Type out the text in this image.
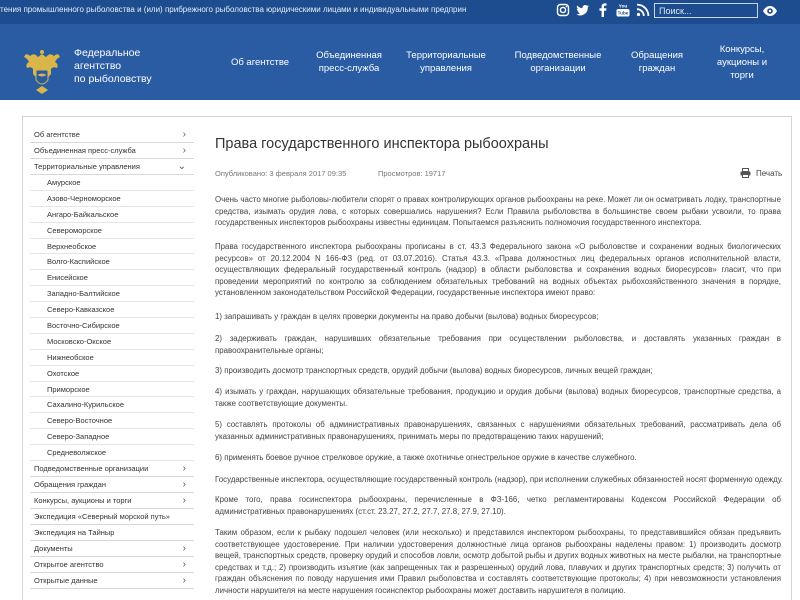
тения промышленного рыболовства и (или) прибрежного рыболовства юридическими лицами и индивидуальными предприн	You
Tube
Поиск...
Федеральное
агентство
по рыболовству
Об агентстве
Объединенная
пресс-служба
Территориальные
управления
Подведомственные
организации
Обращения
граждан
Конкурсы,
аукционы и
торги
Об агентстве	›
Объединенная пресс-служба	›
Территориальные управления	⌄
Амурское
Азово-Черноморское
Ангаро-Байкальское
Североморское
Верхнеобское
Волго-Каспийское
Енисейское
Западно-Балтийское
Северо-Кавказское
Восточно-Сибирское
Московско-Окское
Нижнеобское
Охотское
Приморское
Сахалино-Курильское
Северо-Восточное
Северо-Западное
Средневолжское
Подведомственные организации	›
Обращения граждан	›
Конкурсы, аукционы и торги	›
Экспедиция «Северный морской путь»
Экспедиция на Тайныр
Документы	›
Открытое агентство	›
Открытые данные	›
Права государственного инспектора рыбоохраны
Опубликовано: 3 февраля 2017 09:35	Просмотров: 19717	Печать
Очень часто многие рыболовы-любители спорят о правах контролирующих органов рыбоохраны на реке. Может ли он осматривать лодку, транспортные средства, изымать орудия лова, с которых совершались нарушения? Если Правила рыболовства в большинстве своем рыбаки усвоили, то права государственных инспекторов рыбоохраны известны единицам. Попытаемся разъяснить полномочия государственного инспектора.
Права государственного инспектора рыбоохраны прописаны в ст. 43.3 Федерального закона «О рыболовстве и сохранении водных биологических ресурсов» от 20.12.2004 N 166-ФЗ (ред. от 03.07.2016). Статья 43.3. «Права должностных лиц федеральных органов исполнительной власти, осуществляющих федеральный государственный контроль (надзор) в области рыболовства и сохранения водных биоресурсов» гласит, что при проведении мероприятий по контролю за соблюдением обязательных требований на водных объектах рыбохозяйственного значения в порядке, установленном законодательством Российской Федерации, государственные инспектора имеют право:
1) запрашивать у граждан в целях проверки документы на право добычи (вылова) водных биоресурсов;
2) задерживать граждан, нарушивших обязательные требования при осуществлении рыболовства, и доставлять указанных граждан в правоохранительные органы;
3) производить досмотр транспортных средств, орудий добычи (вылова) водных биоресурсов, личных вещей граждан;
4) изымать у граждан, нарушающих обязательные требования, продукцию и орудия добычи (вылова) водных биоресурсов, транспортные средства, а также соответствующие документы.
5) составлять протоколы об административных правонарушениях, связанных с нарушениями обязательных требований, рассматривать дела об указанных административных правонарушениях, принимать меры по предотвращению таких нарушений;
6) применять боевое ручное стрелковое оружие, а также охотничье огнестрельное оружие в качестве служебного.
Государственные инспектора, осуществляющие государственный контроль (надзор), при исполнении служебных обязанностей носят форменную одежду.
Кроме того, права госинспектора рыбоохраны, перечисленные в ФЗ-166, четко регламентированы Кодексом Российской Федерации об административных правонарушениях (ст.ст. 23.27, 27.2, 27.7, 27.8, 27.9, 27.10).
Таким образом, если к рыбаку подошел человек (или несколько) и представился инспектором рыбоохраны, то представившийся обязан предъявить соответствующее удостоверение. При наличии удостоверения должностные лица органов рыбоохраны наделены правом: 1) производить досмотр вещей, транспортных средств, проверку орудий и способов ловли, осмотр добытой рыбы и других водных животных на месте рыбалки, на транспортные средствах и т.д.; 2) производить изъятие (как запрещенных так и разрешенных) орудий лова, плавучих и других транспортных средств; 3) получить от граждан объяснения по поводу нарушения ими Правил рыболовства и составлять соответствующие протоколы; 4) при невозможности установления личности нарушителя на месте нарушения госинспектор рыбоохраны может доставить нарушителя в полицию.
